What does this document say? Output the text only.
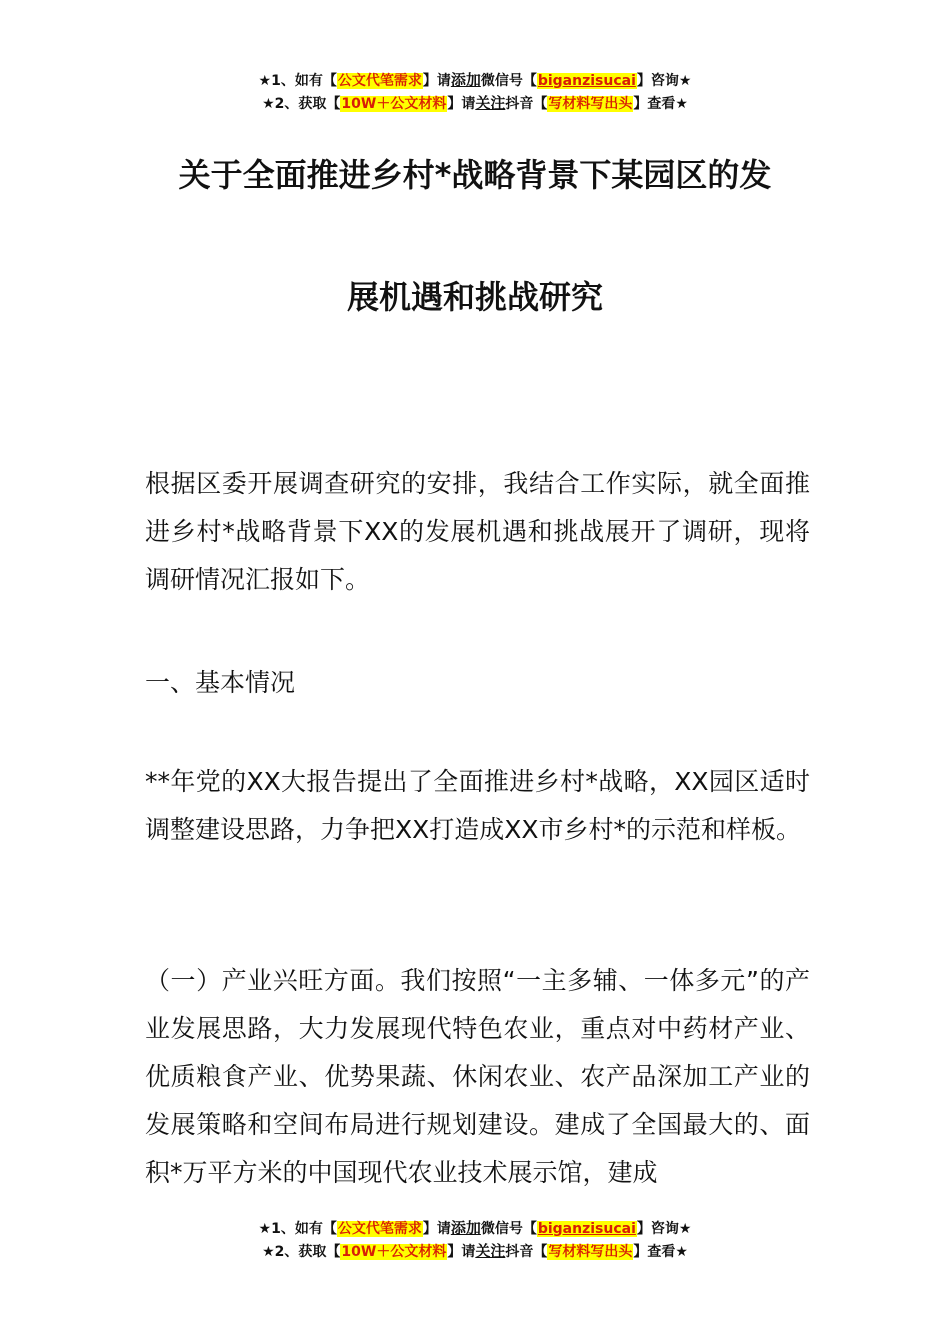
★1、如有【公文代笔需求】请添加微信号【biganzisucai】咨询★
★2、获取【10W＋公文材料】请关注抖音【写材料写出头】查看★
关于全面推进乡村*战略背景下某园区的发
展机遇和挑战研究

根据区委开展调查研究的安排，我结合工作实际，就全面推进乡村*战略背景下XX的发展机遇和挑战展开了调研，现将调研情况汇报如下。

一、基本情况

**年党的XX大报告提出了全面推进乡村*战略，XX园区适时调整建设思路，力争把XX打造成XX市乡村*的示范和样板。

（一）产业兴旺方面。我们按照“一主多辅、一体多元”的产业发展思路，大力发展现代特色农业，重点对中药材产业、优质粮食产业、优势果蔬、休闲农业、农产品深加工产业的发展策略和空间布局进行规划建设。建成了全国最大的、面积*万平方米的中国现代农业技术展示馆，建成

★1、如有【公文代笔需求】请添加微信号【biganzisucai】咨询★
★2、获取【10W＋公文材料】请关注抖音【写材料写出头】查看★
